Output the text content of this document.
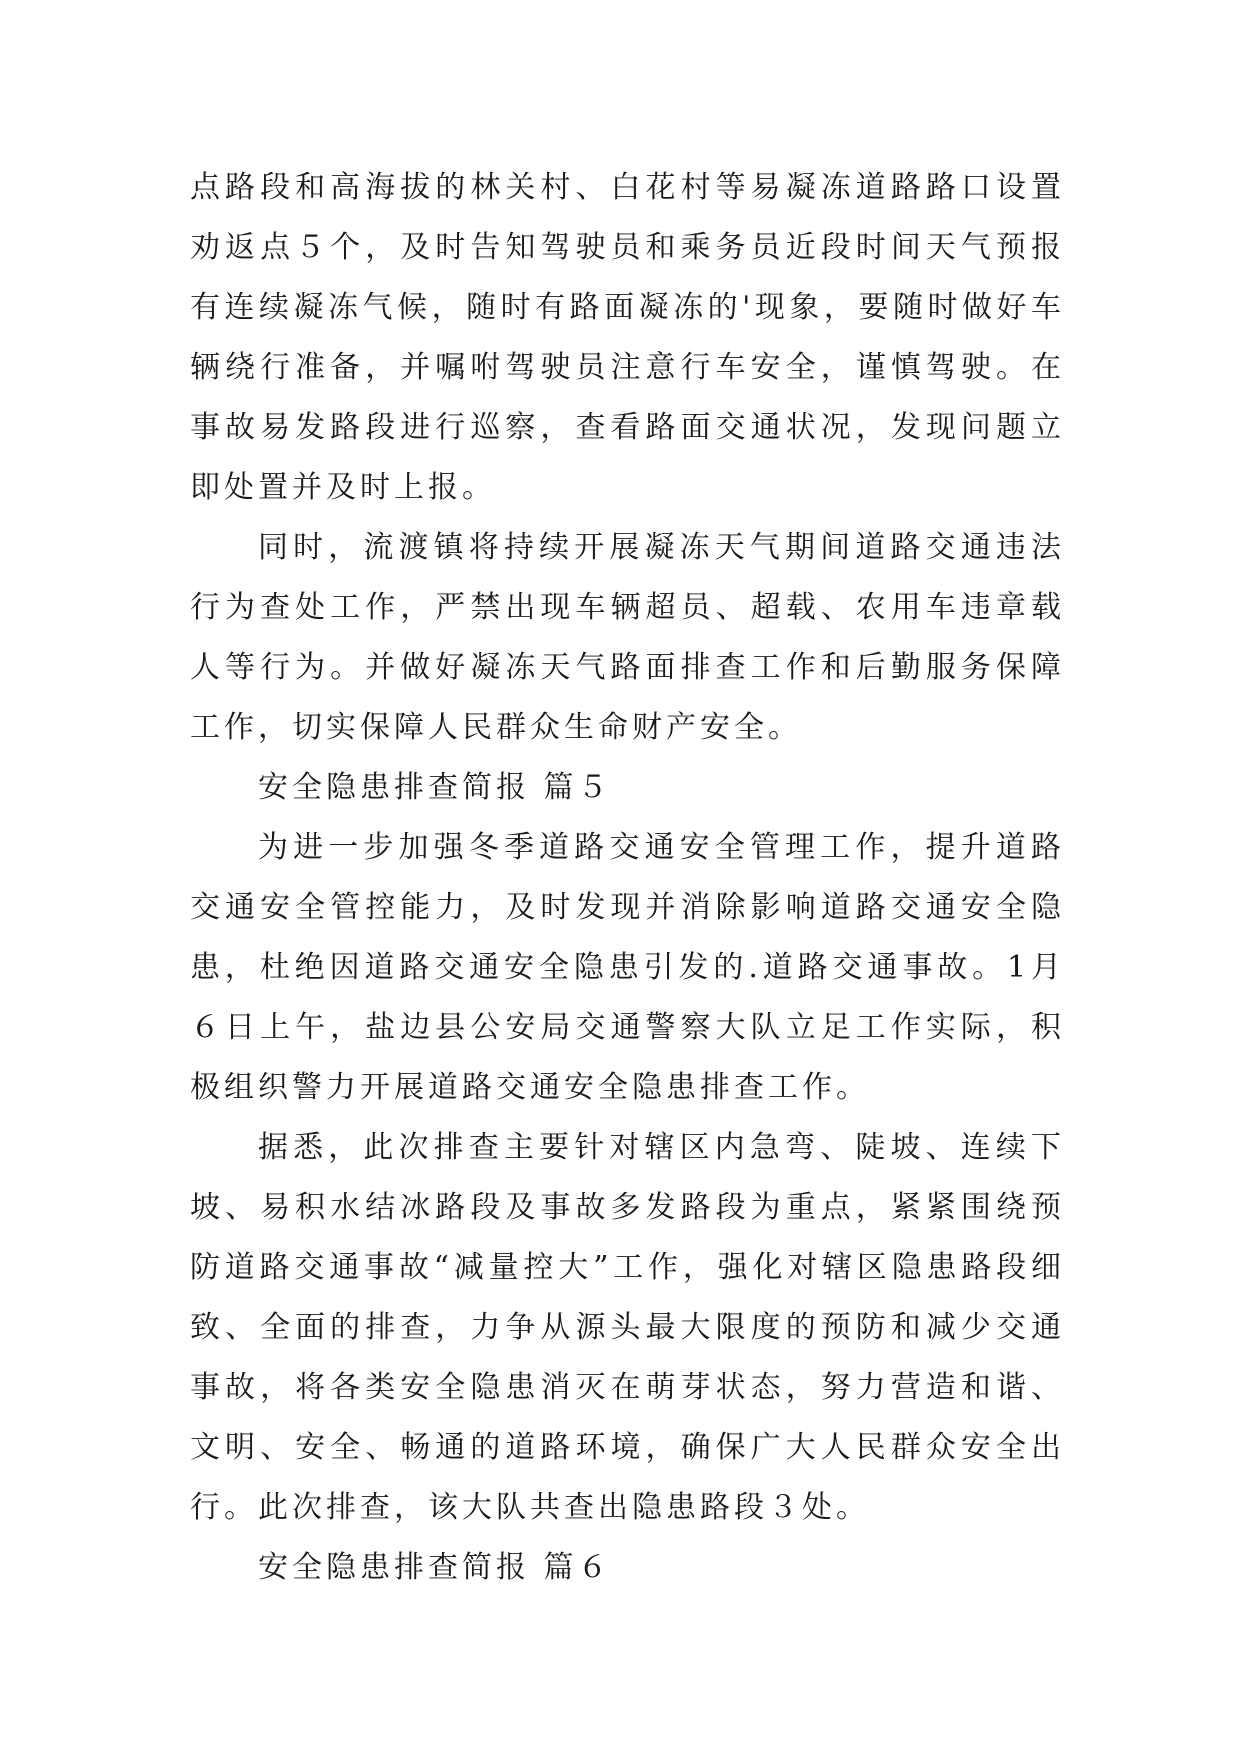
点路段和高海拔的林关村、白花村等易凝冻道路路口设置劝返点５个，及时告知驾驶员和乘务员近段时间天气预报有连续凝冻气候，随时有路面凝冻的'现象，要随时做好车辆绕行准备，并嘱咐驾驶员注意行车安全，谨慎驾驶。在事故易发路段进行巡察，查看路面交通状况，发现问题立即处置并及时上报。

同时，流渡镇将持续开展凝冻天气期间道路交通违法行为查处工作，严禁出现车辆超员、超载、农用车违章载人等行为。并做好凝冻天气路面排查工作和后勤服务保障工作，切实保障人民群众生命财产安全。

安全隐患排查简报 篇５

为进一步加强冬季道路交通安全管理工作，提升道路交通安全管控能力，及时发现并消除影响道路交通安全隐患，杜绝因道路交通安全隐患引发的.道路交通事故。1月６日上午，盐边县公安局交通警察大队立足工作实际，积极组织警力开展道路交通安全隐患排查工作。

据悉，此次排查主要针对辖区内急弯、陡坡、连续下坡、易积水结冰路段及事故多发路段为重点，紧紧围绕预防道路交通事故“减量控大”工作，强化对辖区隐患路段细致、全面的排查，力争从源头最大限度的预防和减少交通事故，将各类安全隐患消灭在萌芽状态，努力营造和谐、文明、安全、畅通的道路环境，确保广大人民群众安全出行。此次排查，该大队共查出隐患路段３处。

安全隐患排查简报 篇６
